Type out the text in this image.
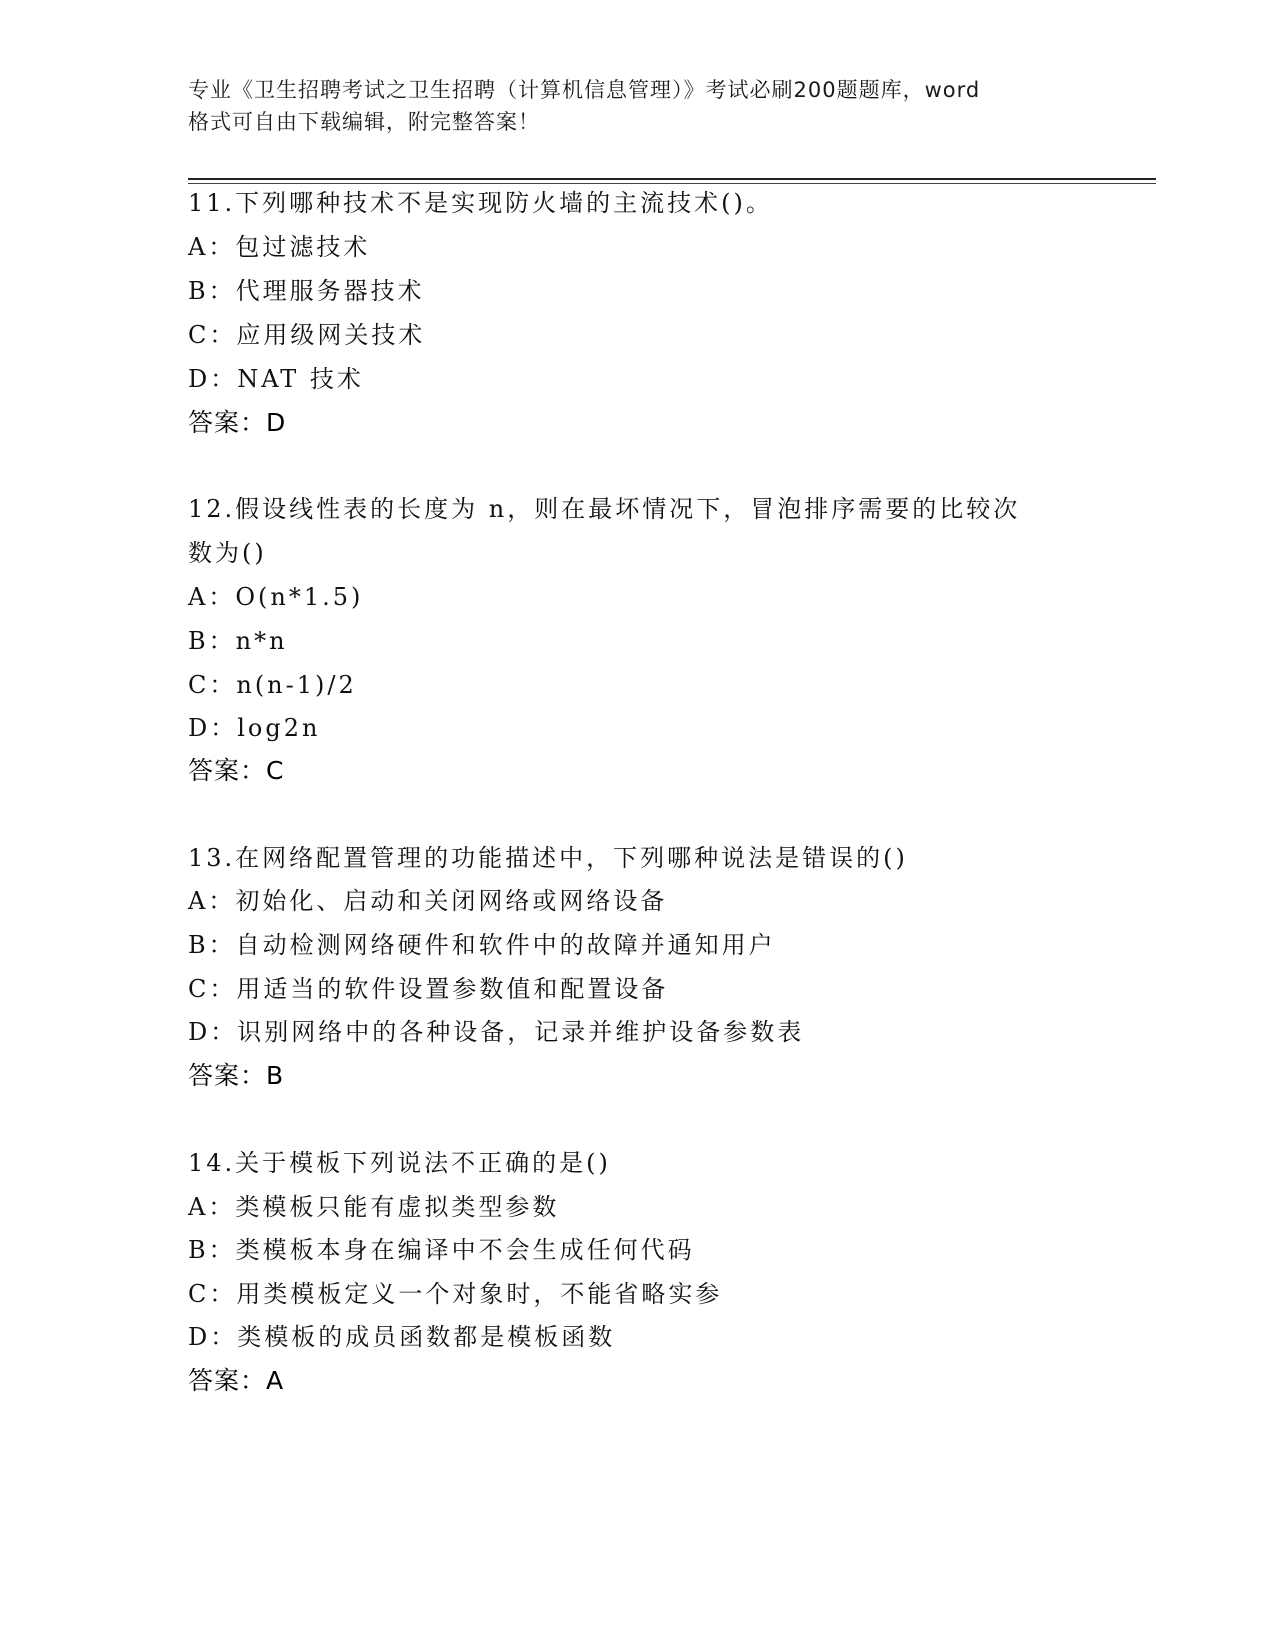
专业《卫生招聘考试之卫生招聘（计算机信息管理）》考试必刷200题题库，word
格式可自由下载编辑，附完整答案！
11.下列哪种技术不是实现防火墙的主流技术()。
A：包过滤技术
B：代理服务器技术
C：应用级网关技术
D：NAT 技术
答案：D
12.假设线性表的长度为 n，则在最坏情况下，冒泡排序需要的比较次
数为()
A：O(n*1.5)
B：n*n
C：n(n-1)/2
D：log2n
答案：C
13.在网络配置管理的功能描述中，下列哪种说法是错误的()
A：初始化、启动和关闭网络或网络设备
B：自动检测网络硬件和软件中的故障并通知用户
C：用适当的软件设置参数值和配置设备
D：识别网络中的各种设备，记录并维护设备参数表
答案：B
14.关于模板下列说法不正确的是()
A：类模板只能有虚拟类型参数
B：类模板本身在编译中不会生成任何代码
C：用类模板定义一个对象时，不能省略实参
D：类模板的成员函数都是模板函数
答案：A
